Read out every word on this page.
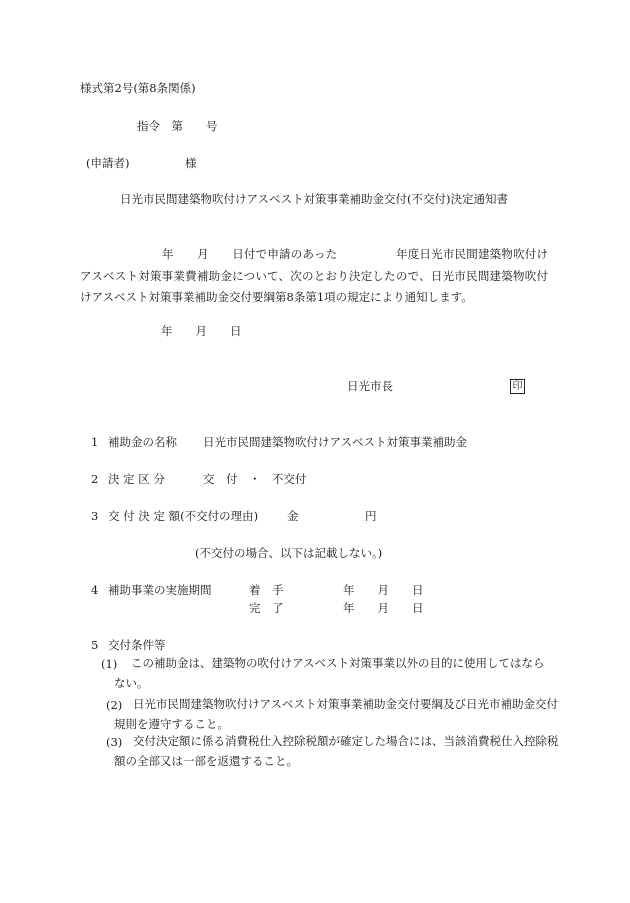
様式第2号(第8条関係)
指令　第　　号
(申請者)	様
日光市民間建築物吹付けアスベスト対策事業補助金交付(不交付)決定通知書
　　　　　　　年　　月　　日付で申請のあった　　　　　年度日光市民間建築物吹付けアスベスト対策事業費補助金について、次のとおり決定したので、日光市民間建築物吹付けアスベスト対策事業補助金交付要綱第8条第1項の規定により通知します。
年　　月　　日
日光市長	印
1 補助金の名称 日光市民間建築物吹付けアスベスト対策事業補助金
2 決 定 区 分	交　付　・　不交付
3 交 付 決 定 額(不交付の理由)	金	円
(不交付の場合、以下は記載しない。)
4 補助事業の実施期間	着　手	年　　月　　日
完　了	年　　月　　日
5 交付条件等
(1)	この補助金は、建築物の吹付けアスベスト対策事業以外の目的に使用してはならない。
(2) 日光市民間建築物吹付けアスベスト対策事業補助金交付要綱及び日光市補助金交付規則を遵守すること。
(3) 交付決定額に係る消費税仕入控除税額が確定した場合には、当該消費税仕入控除税額の全部又は一部を返還すること。
